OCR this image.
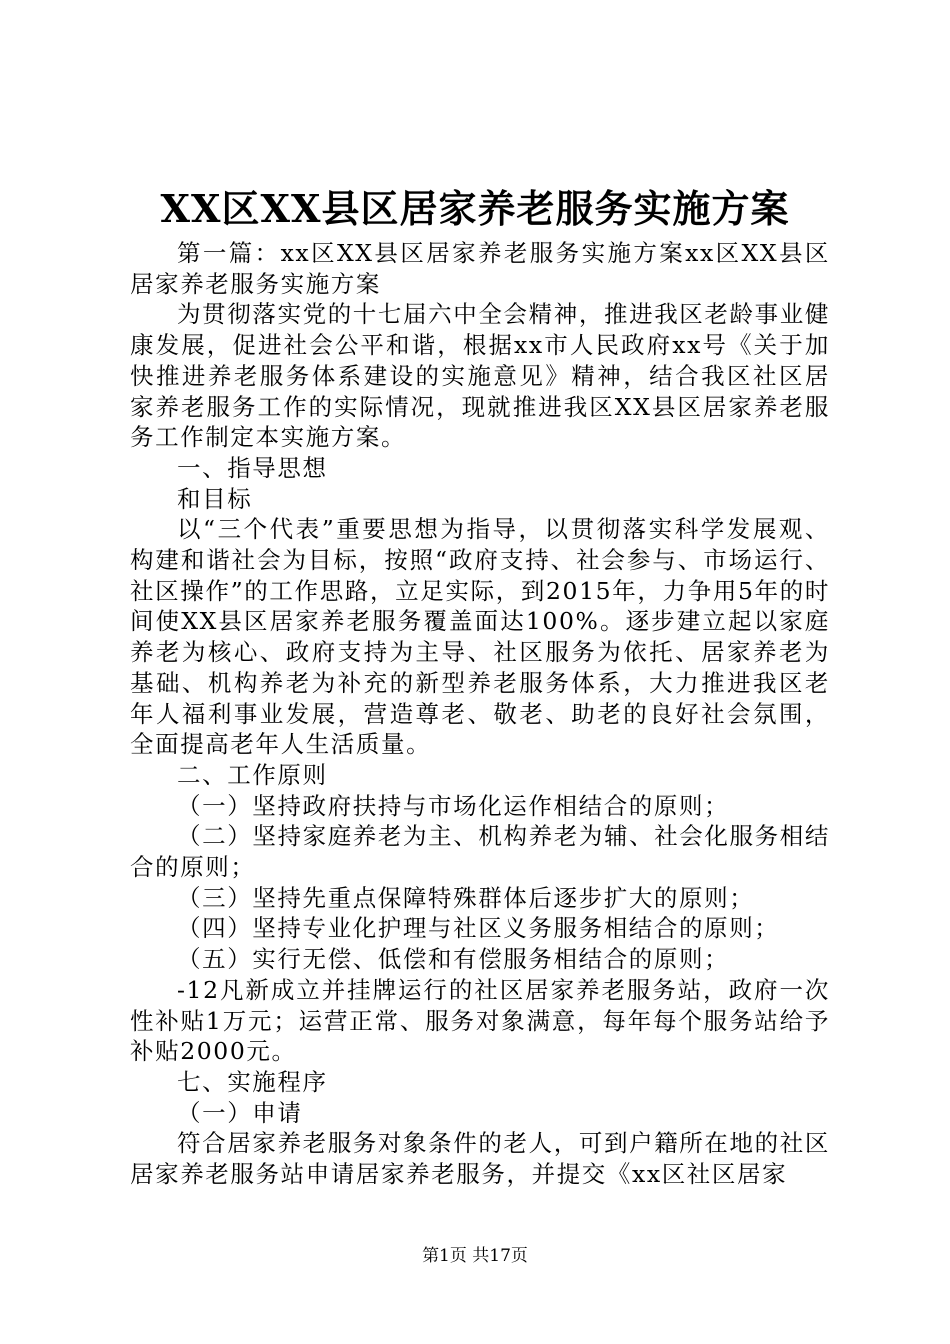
XX区XX县区居家养老服务实施方案

第一篇：xx区XX县区居家养老服务实施方案xx区XX县区居家养老服务实施方案

为贯彻落实党的十七届六中全会精神，推进我区老龄事业健康发展，促进社会公平和谐，根据xx市人民政府xx号《关于加快推进养老服务体系建设的实施意见》精神，结合我区社区居家养老服务工作的实际情况，现就推进我区XX县区居家养老服务工作制定本实施方案。

一、指导思想

和目标

以“三个代表”重要思想为指导，以贯彻落实科学发展观、构建和谐社会为目标，按照“政府支持、社会参与、市场运行、社区操作”的工作思路，立足实际，到2015年，力争用5年的时间使XX县区居家养老服务覆盖面达100%。逐步建立起以家庭养老为核心、政府支持为主导、社区服务为依托、居家养老为基础、机构养老为补充的新型养老服务体系，大力推进我区老年人福利事业发展，营造尊老、敬老、助老的良好社会氛围，全面提高老年人生活质量。

二、工作原则

（一）坚持政府扶持与市场化运作相结合的原则；

（二）坚持家庭养老为主、机构养老为辅、社会化服务相结合的原则；

（三）坚持先重点保障特殊群体后逐步扩大的原则；

（四）坚持专业化护理与社区义务服务相结合的原则；

（五）实行无偿、低偿和有偿服务相结合的原则；

-12凡新成立并挂牌运行的社区居家养老服务站，政府一次性补贴1万元；运营正常、服务对象满意，每年每个服务站给予补贴2000元。

七、实施程序

（一）申请

符合居家养老服务对象条件的老人，可到户籍所在地的社区居家养老服务站申请居家养老服务，并提交《xx区社区居家

第1页 共17页
